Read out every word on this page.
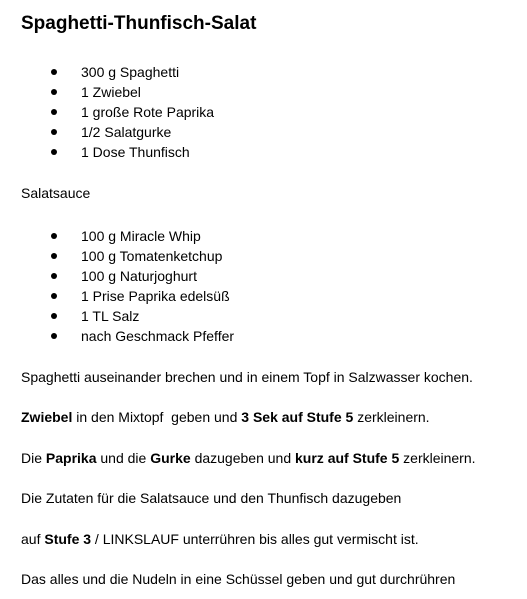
Spaghetti-Thunfisch-Salat
300 g Spaghetti
1 Zwiebel
1 große Rote Paprika
1/2 Salatgurke
1 Dose Thunfisch

Salatsauce

100 g Miracle Whip
100 g Tomatenketchup
100 g Naturjoghurt
1 Prise Paprika edelsüß
1 TL Salz
nach Geschmack Pfeffer

Spaghetti auseinander brechen und in einem Topf in Salzwasser kochen.

Zwiebel in den Mixtopf  geben und 3 Sek auf Stufe 5 zerkleinern.

Die Paprika und die Gurke dazugeben und kurz auf Stufe 5 zerkleinern.

Die Zutaten für die Salatsauce und den Thunfisch dazugeben

auf Stufe 3 / LINKSLAUF unterrühren bis alles gut vermischt ist.

Das alles und die Nudeln in eine Schüssel geben und gut durchrühren
